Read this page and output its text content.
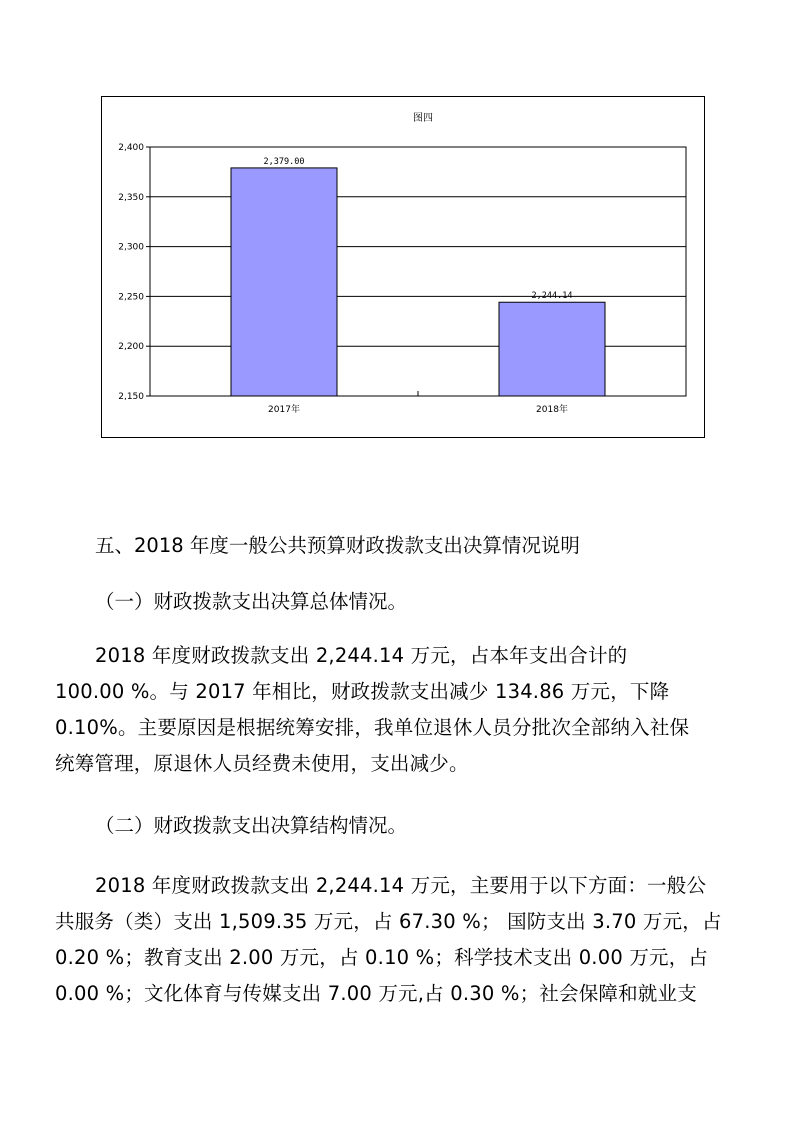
图四
2,150
2,200
2,250
2,300
2,350
2,400
2,379.00
2017年
2,244.14
2018年
五、2018 年度一般公共预算财政拨款支出决算情况说明
（一）财政拨款支出决算总体情况。

2018 年度财政拨款支出 2,244.14 万元，占本年支出合计的

100.00 %。与 2017 年相比，财政拨款支出减少 134.86 万元，下降

0.10%。主要原因是根据统筹安排，我单位退休人员分批次全部纳入社保

统筹管理，原退休人员经费未使用，支出减少。

（二）财政拨款支出决算结构情况。

2018 年度财政拨款支出 2,244.14 万元，主要用于以下方面：一般公

共服务（类）支出 1,509.35 万元，占 67.30 %； 国防支出 3.70 万元，占

0.20 %；教育支出 2.00 万元，占 0.10 %；科学技术支出 0.00 万元，占

0.00 %；文化体育与传媒支出 7.00 万元,占 0.30 %；社会保障和就业支
